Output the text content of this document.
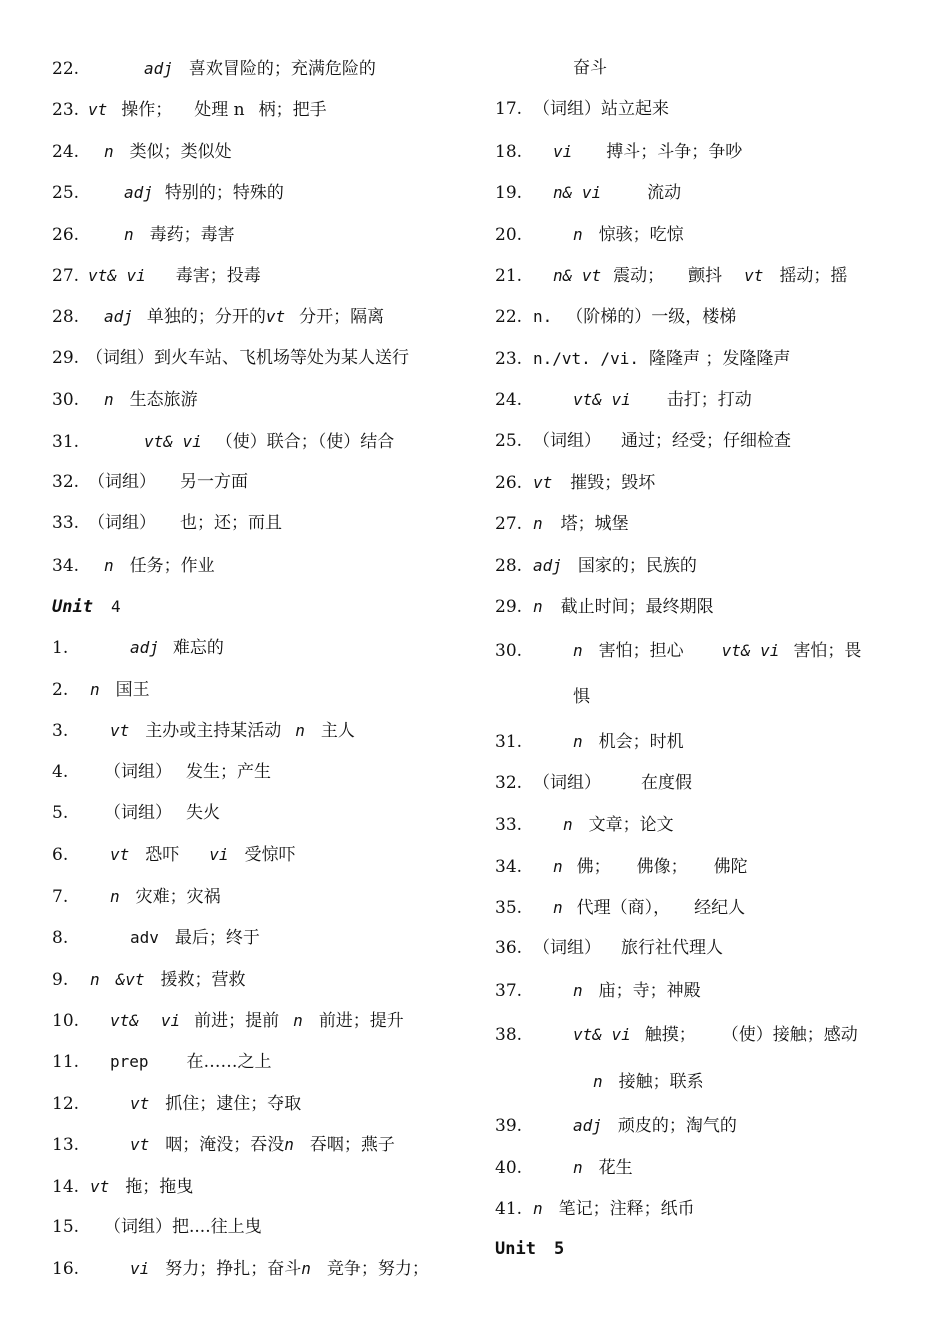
22.	adj 喜欢冒险的；充满危险的
23. vt 操作； 处理 n 柄；把手
24. n 类似；类似处
25.	adj 特别的；特殊的
26.	n 毒药；毒害
27. vt& vi 毒害；投毒
28. adj 单独的；分开的vt 分开；隔离
29. （词组）到火车站、飞机场等处为某人送行
30. n 生态旅游
31.	vt& vi （使）联合；（使）结合
32. （词组） 另一方面
33. （词组） 也；还；而且
34. n 任务；作业
Unit 4
1.	adj 难忘的
2. n 国王
3.	vt 主办或主持某活动 n 主人
4. （词组） 发生；产生
5. （词组） 失火
6.	vt 恐吓 vi 受惊吓
7.	n 灾难；灾祸
8.	adv 最后；终于
9. n &vt 援救；营救
10. vt& vi 前进；提前 n 前进；提升
11. prep 在……之上
12.	vt 抓住；逮住；夺取
13.	vt 咽；淹没；吞没n 吞咽；燕子
14. vt 拖；拖曳
15. （词组）把....往上曳
16.	vi 努力；挣扎；奋斗n 竞争；努力；
奋斗
17. （词组）站立起来
18. vi 搏斗；斗争；争吵
19. n& vi	流动
20.	n 惊骇；吃惊
21. n& vt 震动； 颤抖 vt 摇动；摇
22. n. （阶梯的）一级，楼梯
23. n./vt. /vi. 隆隆声 ；发隆隆声
24.	vt& vi 击打；打动
25. （词组） 通过；经受；仔细检查
26. vt 摧毁；毁坏
27. n 塔；城堡
28. adj 国家的；民族的
29. n 截止时间；最终期限
30.	n 害怕；担心 vt& vi 害怕；畏
惧
31.	n 机会；时机
32. （词组） 在度假
33.	n 文章；论文
34. n 佛； 佛像； 佛陀
35. n 代理（商）， 经纪人
36. （词组） 旅行社代理人
37.	n 庙；寺；神殿
38.	vt& vi 触摸； （使）接触；感动
n 接触；联系
39.	adj 顽皮的；淘气的
40.	n 花生
41. n 笔记；注释；纸币
Unit 5
